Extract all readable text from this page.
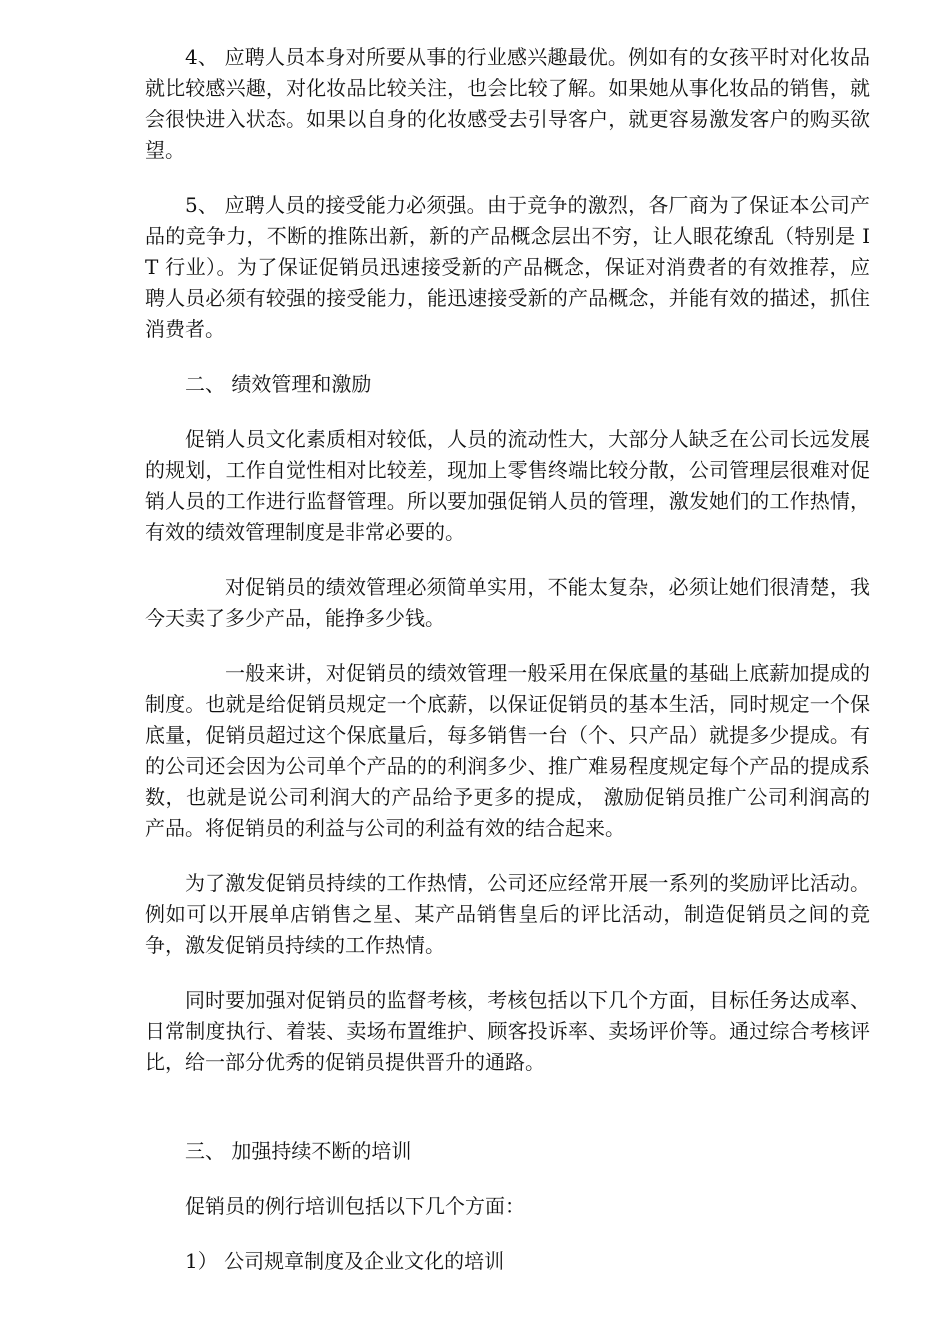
4、 应聘人员本身对所要从事的行业感兴趣最优。例如有的女孩平时对化妆品就比较感兴趣，对化妆品比较关注，也会比较了解。如果她从事化妆品的销售，就会很快进入状态。如果以自身的化妆感受去引导客户，就更容易激发客户的购买欲望。

5、 应聘人员的接受能力必须强。由于竞争的激烈，各厂商为了保证本公司产品的竞争力，不断的推陈出新，新的产品概念层出不穷，让人眼花缭乱（特别是 IT 行业）。为了保证促销员迅速接受新的产品概念，保证对消费者的有效推荐，应聘人员必须有较强的接受能力，能迅速接受新的产品概念，并能有效的描述，抓住消费者。

二、 绩效管理和激励

促销人员文化素质相对较低，人员的流动性大，大部分人缺乏在公司长远发展的规划，工作自觉性相对比较差，现加上零售终端比较分散，公司管理层很难对促销人员的工作进行监督管理。所以要加强促销人员的管理，激发她们的工作热情，有效的绩效管理制度是非常必要的。

对促销员的绩效管理必须简单实用，不能太复杂，必须让她们很清楚，我今天卖了多少产品，能挣多少钱。

一般来讲，对促销员的绩效管理一般采用在保底量的基础上底薪加提成的制度。也就是给促销员规定一个底薪，以保证促销员的基本生活，同时规定一个保底量，促销员超过这个保底量后，每多销售一台（个、只产品）就提多少提成。有的公司还会因为公司单个产品的的利润多少、推广难易程度规定每个产品的提成系数，也就是说公司利润大的产品给予更多的提成， 激励促销员推广公司利润高的产品。将促销员的利益与公司的利益有效的结合起来。

为了激发促销员持续的工作热情，公司还应经常开展一系列的奖励评比活动。例如可以开展单店销售之星、某产品销售皇后的评比活动，制造促销员之间的竞争，激发促销员持续的工作热情。

同时要加强对促销员的监督考核，考核包括以下几个方面，目标任务达成率、日常制度执行、着装、卖场布置维护、顾客投诉率、卖场评价等。通过综合考核评比，给一部分优秀的促销员提供晋升的通路。

三、 加强持续不断的培训

促销员的例行培训包括以下几个方面：

1） 公司规章制度及企业文化的培训
